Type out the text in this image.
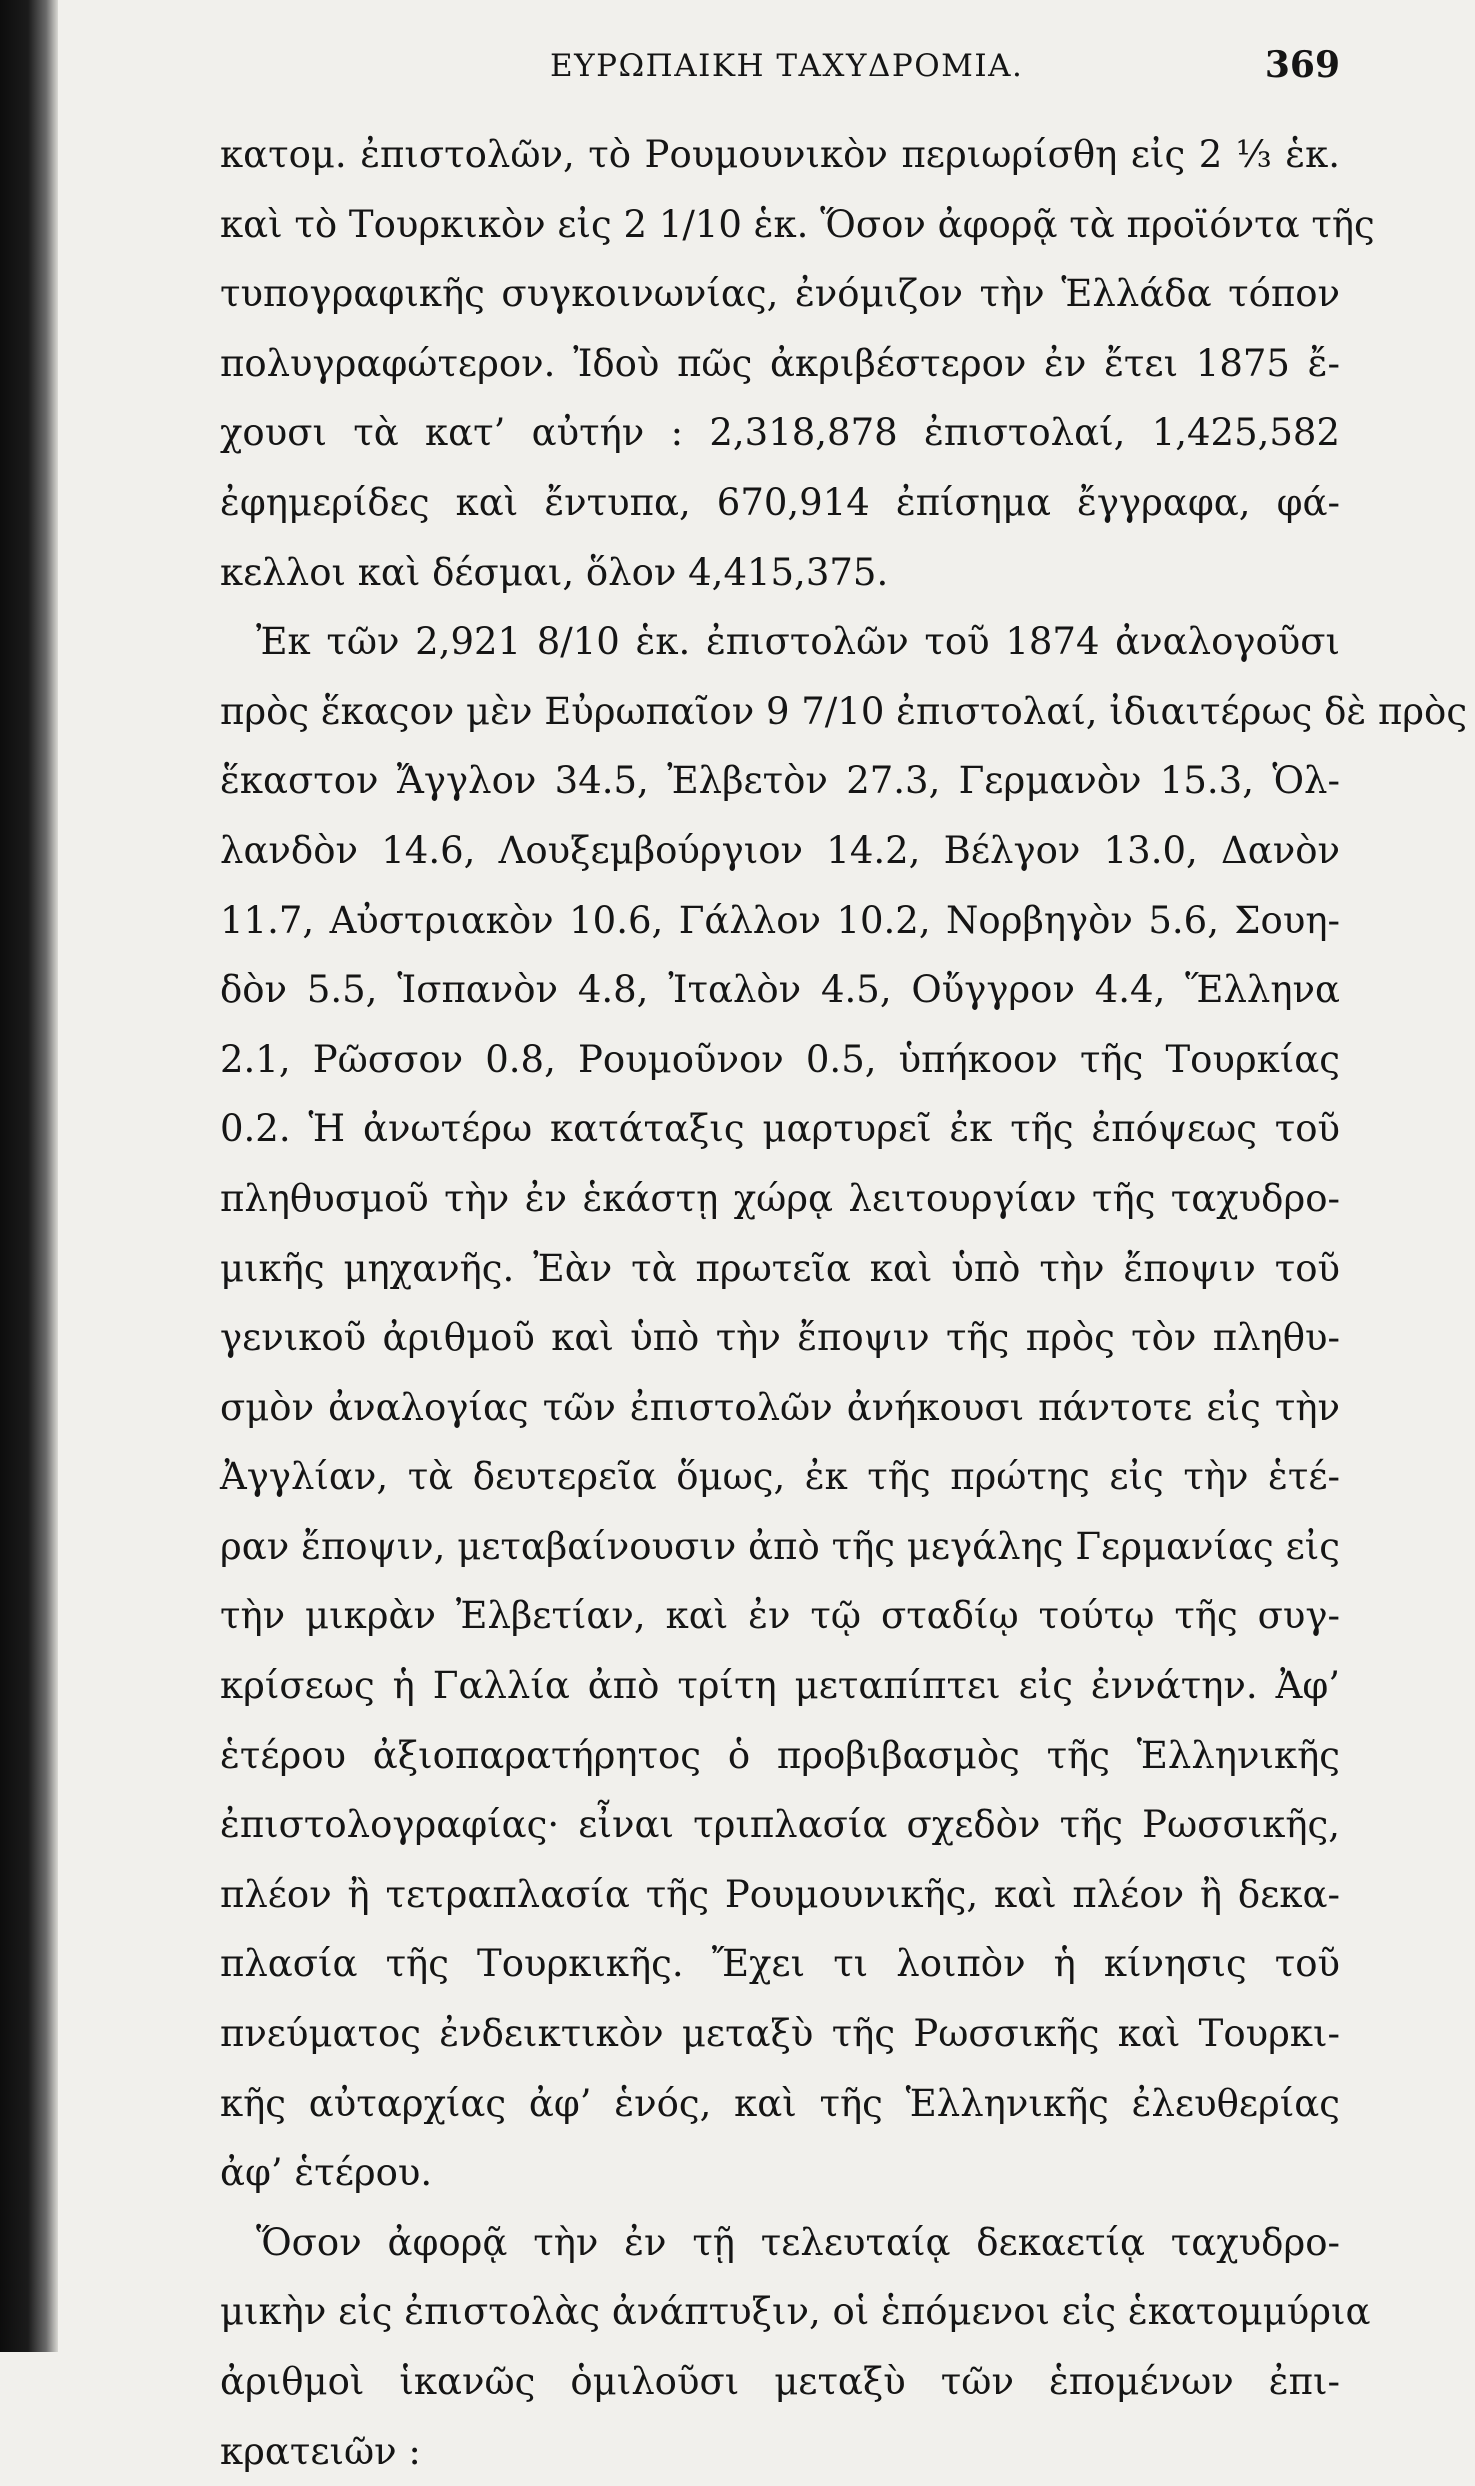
ΕΥΡΩΠΑΙΚΗ ΤΑΧΥΔΡΟΜΙΑ.	369
κατομ. ἐπιστολῶν, τὸ Ρουμουνικὸν περιωρίσθη εἰς 2 ⅓ ἑκ.
καὶ τὸ Τουρκικὸν εἰς 2 1/10 ἑκ. Ὅσον ἀφορᾷ τὰ προϊόντα τῆς
τυπογραφικῆς συγκοινωνίας, ἐνόμιζον τὴν Ἑλλάδα τόπον
πολυγραφώτερον. Ἰδοὺ πῶς ἀκριβέστερον ἐν ἔτει 1875 ἔ-
χουσι τὰ κατ’ αὐτήν : 2,318,878 ἐπιστολαί, 1,425,582
ἐφημερίδες καὶ ἔντυπα, 670,914 ἐπίσημα ἔγγραφα, φά-
κελλοι καὶ δέσμαι, ὅλον 4,415,375.
Ἐκ τῶν 2,921 8/10 ἑκ. ἐπιστολῶν τοῦ 1874 ἀναλογοῦσι
πρὸς ἕκαςον μὲν Εὐρωπαῖον 9 7/10 ἐπιστολαί, ἰδιαιτέρως δὲ πρὸς
ἕκαστον Ἄγγλον 34.5, Ἐλβετὸν 27.3, Γερμανὸν 15.3, Ὁλ-
λανδὸν 14.6, Λουξεμβούργιον 14.2, Βέλγον 13.0, Δανὸν
11.7, Αὐστριακὸν 10.6, Γάλλον 10.2, Νορβηγὸν 5.6, Σουη-
δὸν 5.5, Ἱσπανὸν 4.8, Ἰταλὸν 4.5, Οὔγγρον 4.4, Ἕλληνα
2.1, Ρῶσσον 0.8, Ρουμοῦνον 0.5, ὑπήκοον τῆς Τουρκίας
0.2. Ἡ ἀνωτέρω κατάταξις μαρτυρεῖ ἐκ τῆς ἐπόψεως τοῦ
πληθυσμοῦ τὴν ἐν ἑκάστῃ χώρᾳ λειτουργίαν τῆς ταχυδρο-
μικῆς μηχανῆς. Ἐὰν τὰ πρωτεῖα καὶ ὑπὸ τὴν ἔποψιν τοῦ
γενικοῦ ἀριθμοῦ καὶ ὑπὸ τὴν ἔποψιν τῆς πρὸς τὸν πληθυ-
σμὸν ἀναλογίας τῶν ἐπιστολῶν ἀνήκουσι πάντοτε εἰς τὴν
Ἀγγλίαν, τὰ δευτερεῖα ὅμως, ἐκ τῆς πρώτης εἰς τὴν ἑτέ-
ραν ἔποψιν, μεταβαίνουσιν ἀπὸ τῆς μεγάλης Γερμανίας εἰς
τὴν μικρὰν Ἐλβετίαν, καὶ ἐν τῷ σταδίῳ τούτῳ τῆς συγ-
κρίσεως ἡ Γαλλία ἀπὸ τρίτη μεταπίπτει εἰς ἐννάτην. Ἀφ’
ἑτέρου ἀξιοπαρατήρητος ὁ προβιβασμὸς τῆς Ἑλληνικῆς
ἐπιστολογραφίας· εἶναι τριπλασία σχεδὸν τῆς Ρωσσικῆς,
πλέον ἢ τετραπλασία τῆς Ρουμουνικῆς, καὶ πλέον ἢ δεκα-
πλασία τῆς Τουρκικῆς. Ἔχει τι λοιπὸν ἡ κίνησις τοῦ
πνεύματος ἐνδεικτικὸν μεταξὺ τῆς Ρωσσικῆς καὶ Τουρκι-
κῆς αὐταρχίας ἀφ’ ἑνός, καὶ τῆς Ἑλληνικῆς ἐλευθερίας
ἀφ’ ἑτέρου.
Ὅσον ἀφορᾷ τὴν ἐν τῇ τελευταίᾳ δεκαετίᾳ ταχυδρο-
μικὴν εἰς ἐπιστολὰς ἀνάπτυξιν, οἱ ἑπόμενοι εἰς ἑκατομμύρια
ἀριθμοὶ ἱκανῶς ὁμιλοῦσι μεταξὺ τῶν ἑπομένων ἐπι-
κρατειῶν :
